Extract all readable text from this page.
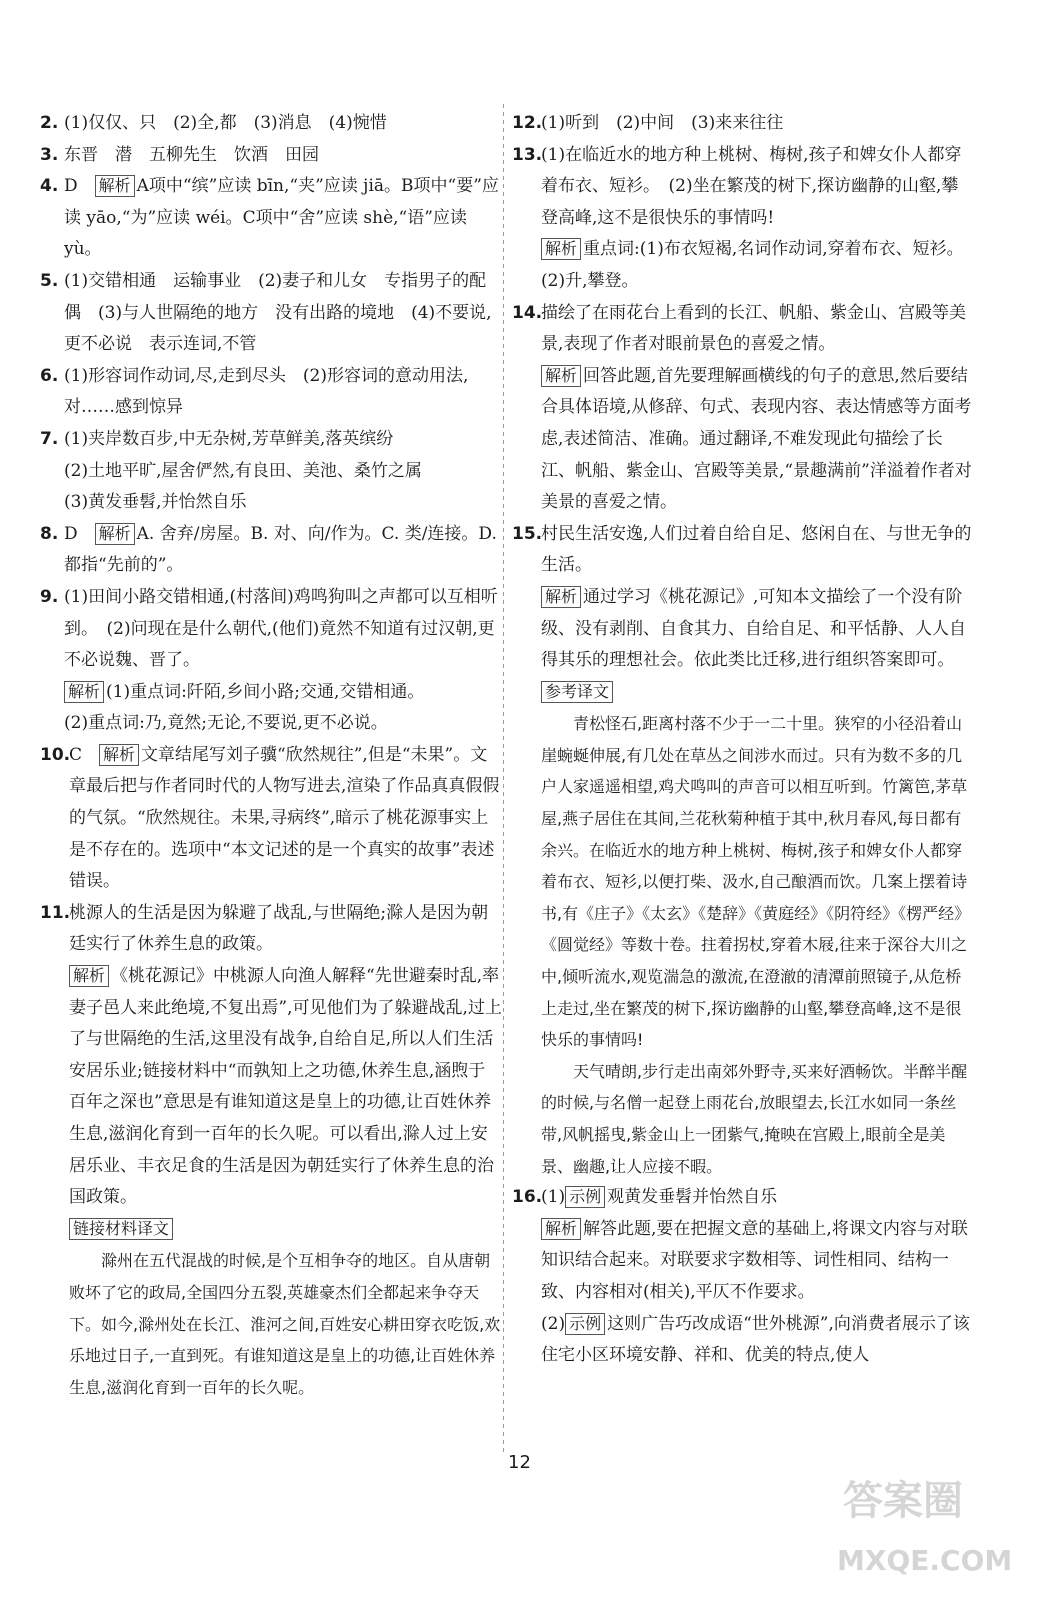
2. (1)仅仅、只　(2)全,都　(3)消息　(4)惋惜

3. 东晋　潜　五柳先生　饮酒　田园

4. D　解析 A项中“缤”应读 bīn,“夹”应读 jiā。B项中“要”应读 yāo,“为”应读 wéi。C项中“舍”应读 shè,“语”应读 yù。

5. (1)交错相通　运输事业　(2)妻子和儿女　专指男子的配偶　(3)与人世隔绝的地方　没有出路的境地　(4)不要说,更不必说　表示连词,不管

6. (1)形容词作动词,尽,走到尽头　(2)形容词的意动用法,对……感到惊异

7. (1)夹岸数百步,中无杂树,芳草鲜美,落英缤纷

(2)土地平旷,屋舍俨然,有良田、美池、桑竹之属

(3)黄发垂髫,并怡然自乐

8. D　解析 A. 舍弃/房屋。B. 对、向/作为。C. 类/连接。D. 都指“先前的”。

9. (1)田间小路交错相通,(村落间)鸡鸣狗叫之声都可以互相听到。　(2)问现在是什么朝代,(他们)竟然不知道有过汉朝,更不必说魏、晋了。

解析 (1)重点词:阡陌,乡间小路;交通,交错相通。

(2)重点词:乃,竟然;无论,不要说,更不必说。

10.

C　解析 文章结尾写刘子骥“欣然规往”,但是“未果”。文章最后把与作者同时代的人物写进去,渲染了作品真真假假的气氛。“欣然规往。未果,寻病终”,暗示了桃花源事实上是不存在的。选项中“本文记述的是一个真实的故事”表述错误。

11.

桃源人的生活是因为躲避了战乱,与世隔绝;滁人是因为朝廷实行了休养生息的政策。

解析 《桃花源记》中桃源人向渔人解释“先世避秦时乱,率妻子邑人来此绝境,不复出焉”,可见他们为了躲避战乱,过上了与世隔绝的生活,这里没有战争,自给自足,所以人们生活安居乐业;链接材料中“而孰知上之功德,休养生息,涵煦于百年之深也”意思是有谁知道这是皇上的功德,让百姓休养生息,滋润化育到一百年的长久呢。可以看出,滁人过上安居乐业、丰衣足食的生活是因为朝廷实行了休养生息的治国政策。

链接材料译文

滁州在五代混战的时候,是个互相争夺的地区。自从唐朝败坏了它的政局,全国四分五裂,英雄豪杰们全都起来争夺天下。如今,滁州处在长江、淮河之间,百姓安心耕田穿衣吃饭,欢乐地过日子,一直到死。有谁知道这是皇上的功德,让百姓休养生息,滋润化育到一百年的长久呢。

12.

(1)听到　(2)中间　(3)来来往往

13.

(1)在临近水的地方种上桃树、梅树,孩子和婢女仆人都穿着布衣、短衫。　(2)坐在繁茂的树下,探访幽静的山壑,攀登高峰,这不是很快乐的事情吗!

解析 重点词:(1)布衣短褐,名词作动词,穿着布衣、短衫。(2)升,攀登。

14.

描绘了在雨花台上看到的长江、帆船、紫金山、宫殿等美景,表现了作者对眼前景色的喜爱之情。

解析 回答此题,首先要理解画横线的句子的意思,然后要结合具体语境,从修辞、句式、表现内容、表达情感等方面考虑,表述简洁、准确。通过翻译,不难发现此句描绘了长江、帆船、紫金山、宫殿等美景,“景趣满前”洋溢着作者对美景的喜爱之情。

15.

村民生活安逸,人们过着自给自足、悠闲自在、与世无争的生活。

解析 通过学习《桃花源记》,可知本文描绘了一个没有阶级、没有剥削、自食其力、自给自足、和平恬静、人人自得其乐的理想社会。依此类比迁移,进行组织答案即可。

参考译文

青松怪石,距离村落不少于一二十里。狭窄的小径沿着山崖蜿蜒伸展,有几处在草丛之间涉水而过。只有为数不多的几户人家遥遥相望,鸡犬鸣叫的声音可以相互听到。竹篱笆,茅草屋,燕子居住在其间,兰花秋菊种植于其中,秋月春风,每日都有余兴。在临近水的地方种上桃树、梅树,孩子和婢女仆人都穿着布衣、短衫,以便打柴、汲水,自己酿酒而饮。几案上摆着诗书,有《庄子》《太玄》《楚辞》《黄庭经》《阴符经》《楞严经》《圆觉经》等数十卷。拄着拐杖,穿着木屐,往来于深谷大川之中,倾听流水,观览湍急的激流,在澄澈的清潭前照镜子,从危桥上走过,坐在繁茂的树下,探访幽静的山壑,攀登高峰,这不是很快乐的事情吗!

天气晴朗,步行走出南郊外野寺,买来好酒畅饮。半醉半醒的时候,与名僧一起登上雨花台,放眼望去,长江水如同一条丝带,风帆摇曳,紫金山上一团紫气,掩映在宫殿上,眼前全是美景、幽趣,让人应接不暇。

16.

(1) 示例 观黄发垂髫并怡然自乐

解析 解答此题,要在把握文意的基础上,将课文内容与对联知识结合起来。对联要求字数相等、词性相同、结构一致、内容相对(相关),平仄不作要求。

(2) 示例 这则广告巧改成语“世外桃源”,向消费者展示了该住宅小区环境安静、祥和、优美的特点,使人

12
答案圈
MXQE.COM
